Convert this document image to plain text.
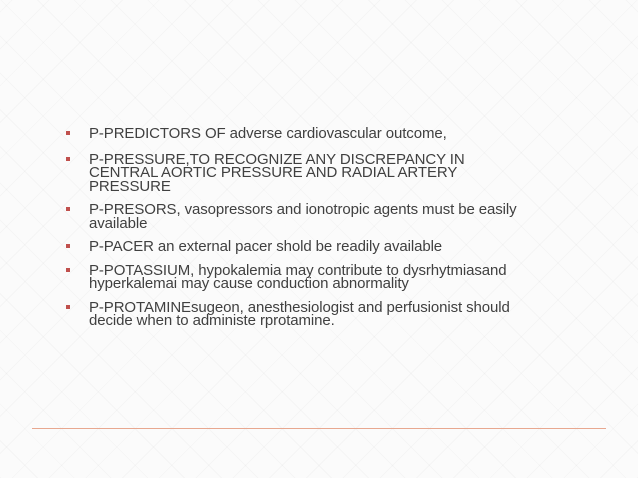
P-PREDICTORS OF adverse cardiovascular outcome,
P-PRESSURE,TO RECOGNIZE ANY DISCREPANCY IN CENTRAL AORTIC PRESSURE AND RADIAL ARTERY PRESSURE
P-PRESORS, vasopressors and ionotropic agents must be easily available
P-PACER an external pacer shold be readily available
P-POTASSIUM, hypokalemia may contribute to dysrhytmiasand hyperkalemai may cause conduction abnormality
P-PROTAMINEsugeon, anesthesiologist and perfusionist should decide when to administe rprotamine.
